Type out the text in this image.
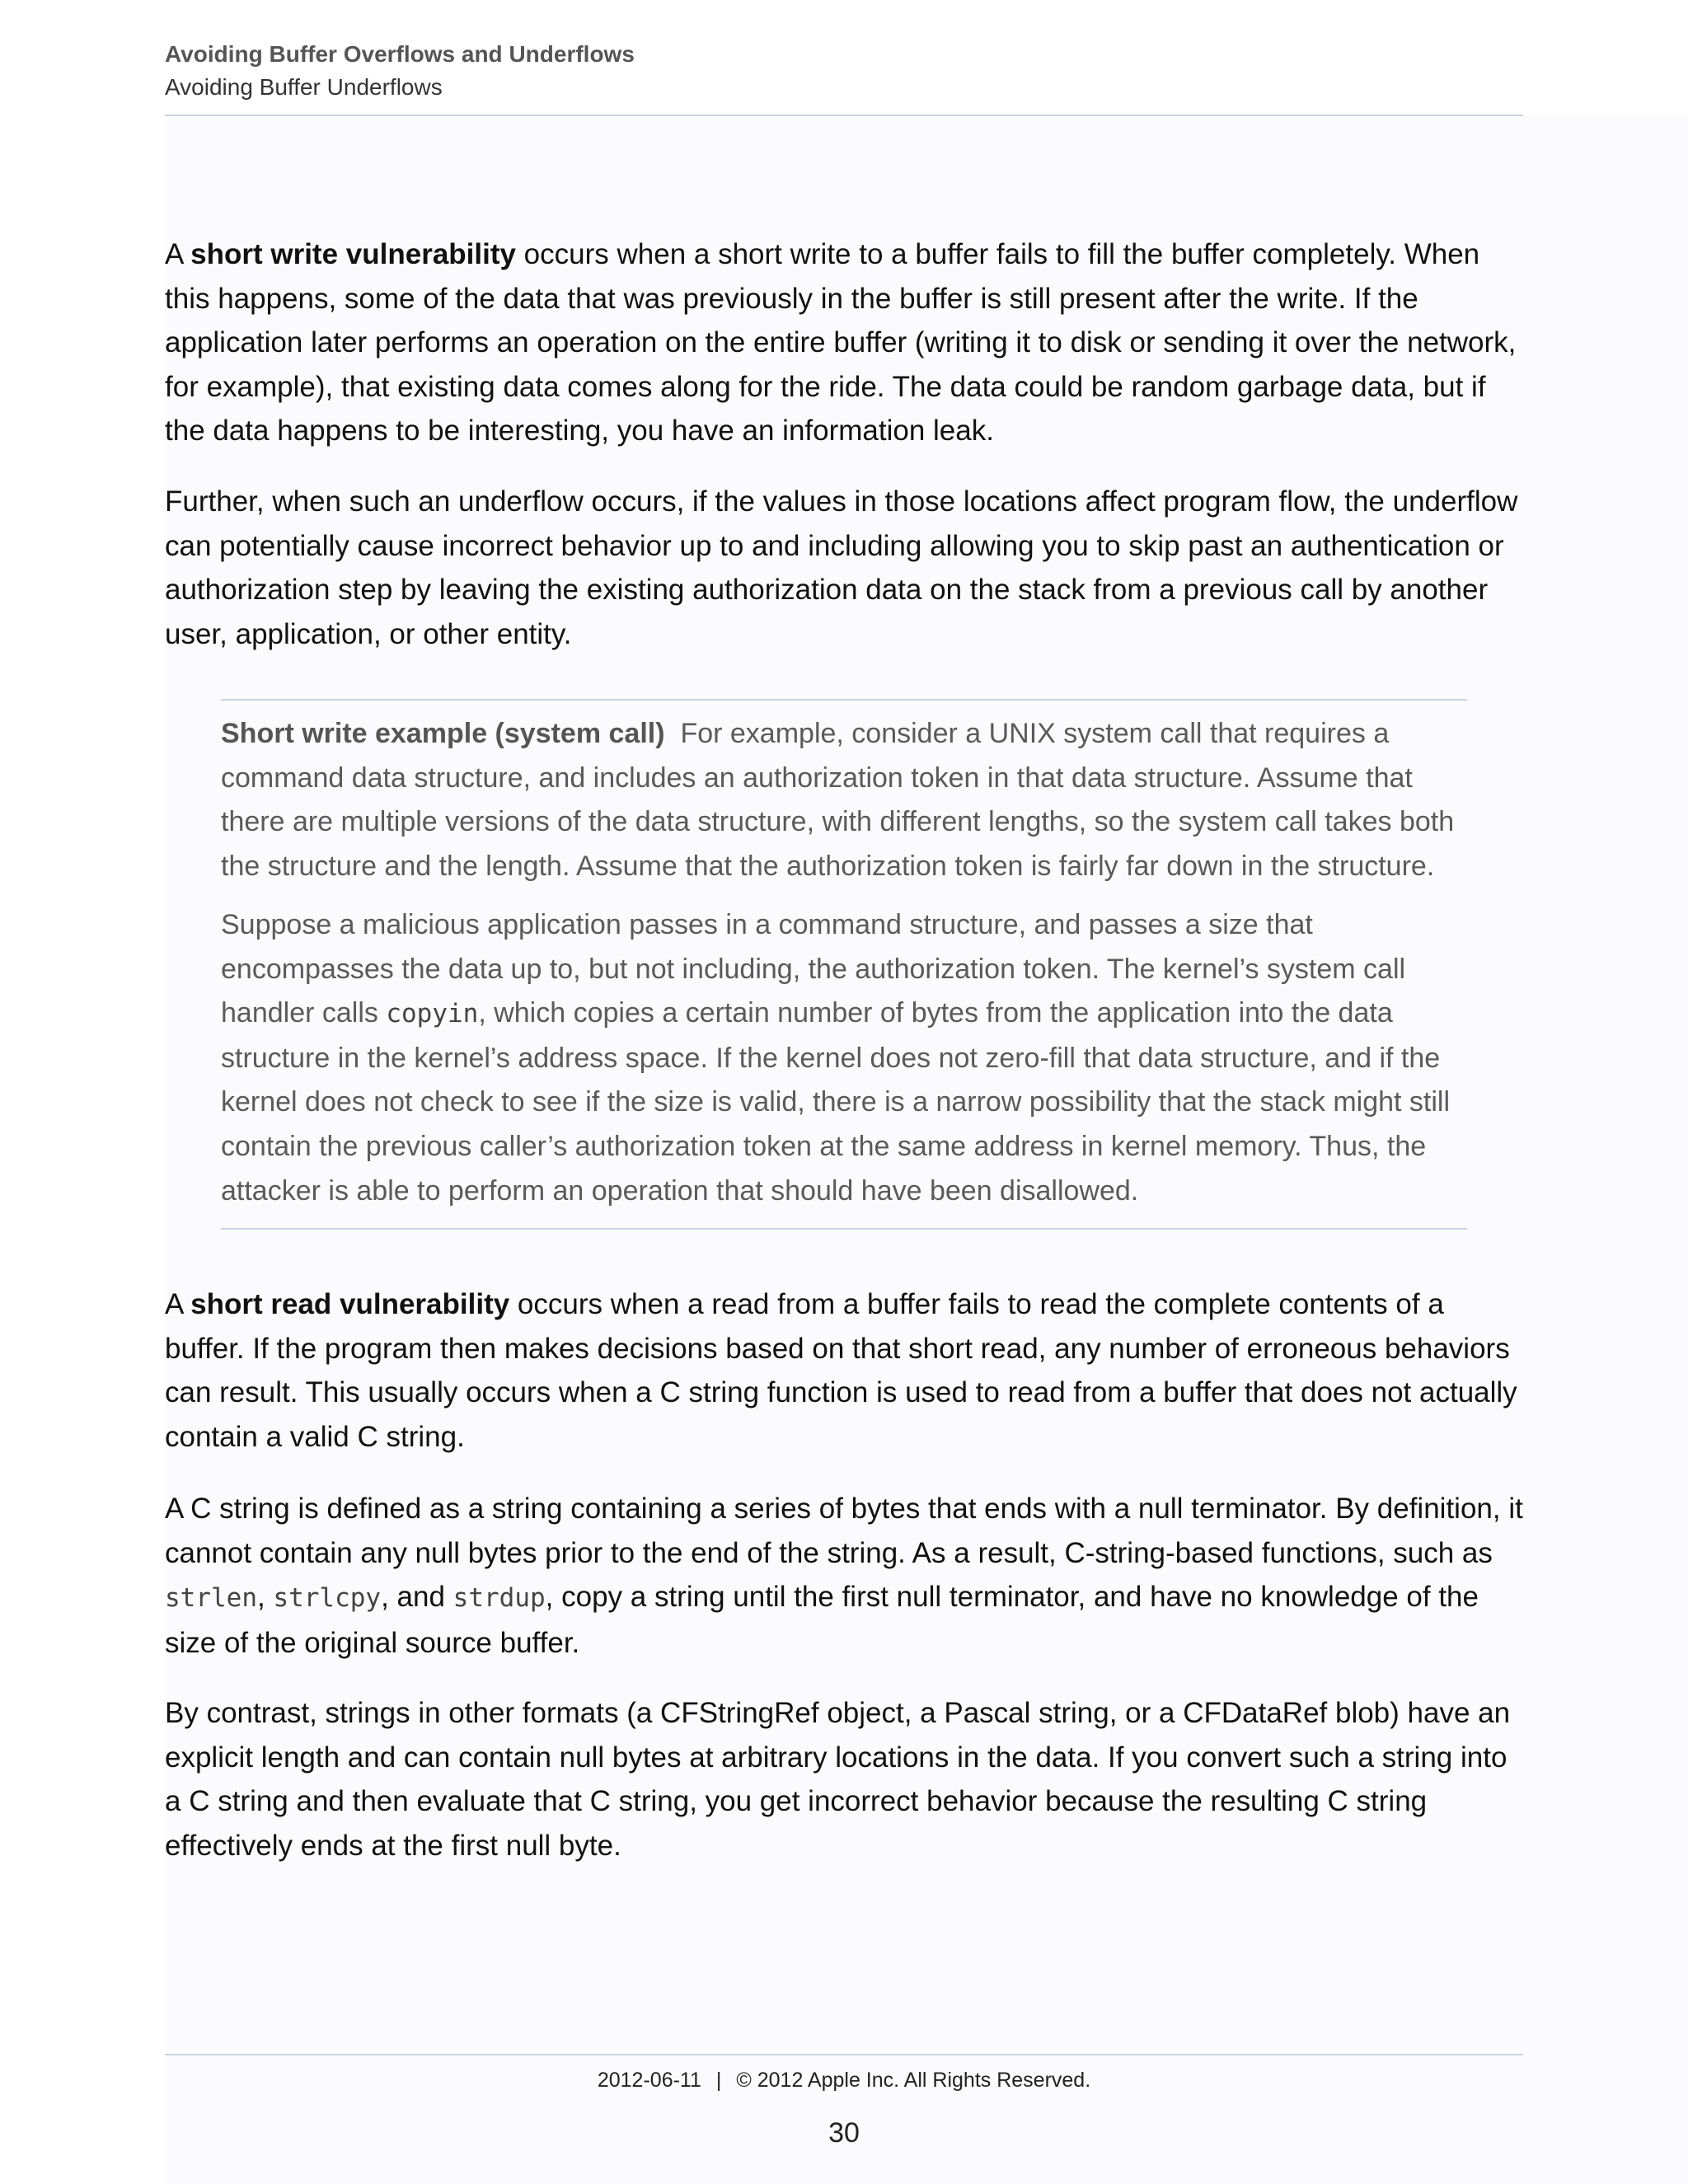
Avoiding Buffer Overflows and Underflows
Avoiding Buffer Underflows

A short write vulnerability occurs when a short write to a buffer fails to fill the buffer completely. When this happens, some of the data that was previously in the buffer is still present after the write. If the application later performs an operation on the entire buffer (writing it to disk or sending it over the network, for example), that existing data comes along for the ride. The data could be random garbage data, but if the data happens to be interesting, you have an information leak.

Further, when such an underflow occurs, if the values in those locations affect program flow, the underflow can potentially cause incorrect behavior up to and including allowing you to skip past an authentication or authorization step by leaving the existing authorization data on the stack from a previous call by another user, application, or other entity.

Short write example (system call) For example, consider a UNIX system call that requires a command data structure, and includes an authorization token in that data structure. Assume that there are multiple versions of the data structure, with different lengths, so the system call takes both the structure and the length. Assume that the authorization token is fairly far down in the structure.

Suppose a malicious application passes in a command structure, and passes a size that encompasses the data up to, but not including, the authorization token. The kernel’s system call handler calls copyin, which copies a certain number of bytes from the application into the data structure in the kernel’s address space. If the kernel does not zero-fill that data structure, and if the kernel does not check to see if the size is valid, there is a narrow possibility that the stack might still contain the previous caller’s authorization token at the same address in kernel memory. Thus, the attacker is able to perform an operation that should have been disallowed.

A short read vulnerability occurs when a read from a buffer fails to read the complete contents of a buffer. If the program then makes decisions based on that short read, any number of erroneous behaviors can result. This usually occurs when a C string function is used to read from a buffer that does not actually contain a valid C string.

A C string is defined as a string containing a series of bytes that ends with a null terminator. By definition, it cannot contain any null bytes prior to the end of the string. As a result, C-string-based functions, such as strlen, strlcpy, and strdup, copy a string until the first null terminator, and have no knowledge of the size of the original source buffer.

By contrast, strings in other formats (a CFStringRef object, a Pascal string, or a CFDataRef blob) have an explicit length and can contain null bytes at arbitrary locations in the data. If you convert such a string into a C string and then evaluate that C string, you get incorrect behavior because the resulting C string effectively ends at the first null byte.

2012-06-11 | © 2012 Apple Inc. All Rights Reserved.
30
